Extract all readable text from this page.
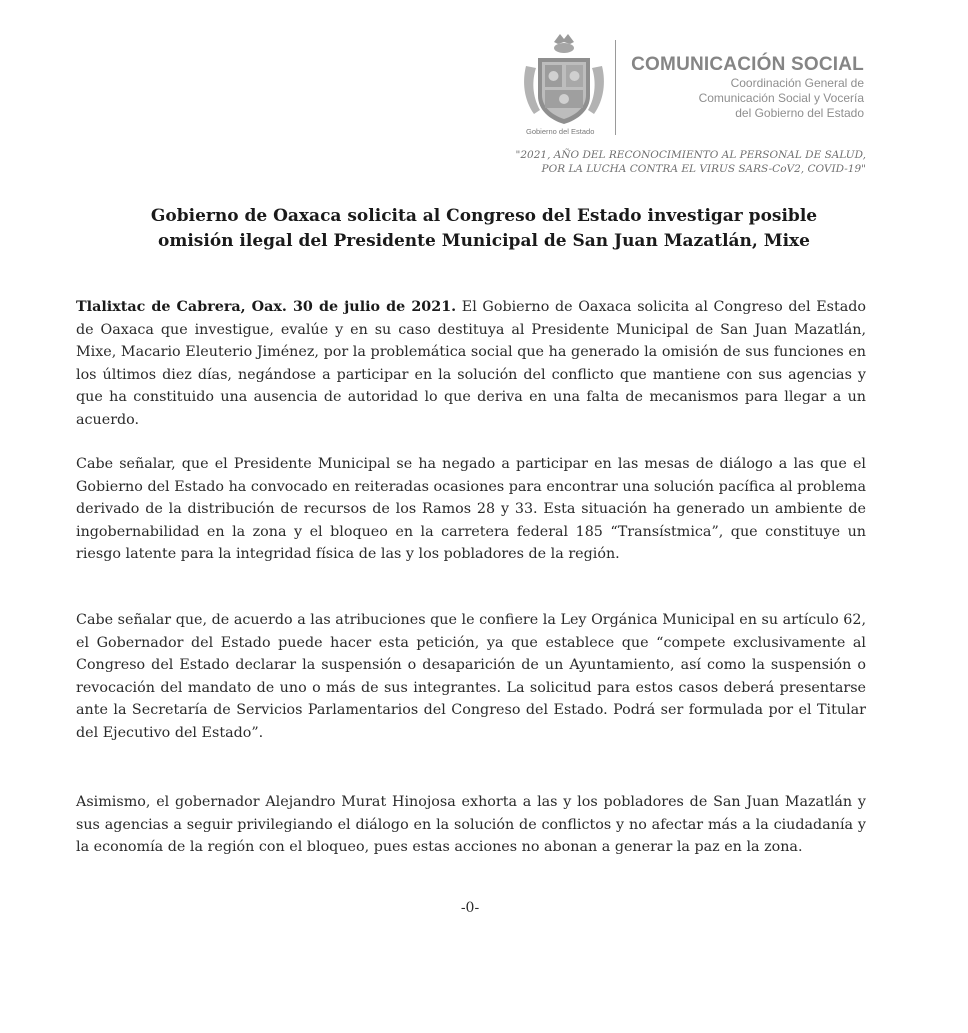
Gobierno del Estado
COMUNICACIÓN SOCIAL
Coordinación General de
Comunicación Social y Vocería
del Gobierno del Estado
"2021, AÑO DEL RECONOCIMIENTO AL PERSONAL DE SALUD,
POR LA LUCHA CONTRA EL VIRUS SARS-CoV2, COVID-19"
Gobierno de Oaxaca solicita al Congreso del Estado investigar posible
omisión ilegal del Presidente Municipal de San Juan Mazatlán, Mixe

Tlalixtac de Cabrera, Oax. 30 de julio de 2021. El Gobierno de Oaxaca solicita al Congreso del Estado de Oaxaca que investigue, evalúe y en su caso destituya al Presidente Municipal de San Juan Mazatlán, Mixe, Macario Eleuterio Jiménez, por la problemática social que ha generado la omisión de sus funciones en los últimos diez días, negándose a participar en la solución del conflicto que mantiene con sus agencias y que ha constituido una ausencia de autoridad lo que deriva en una falta de mecanismos para llegar a un acuerdo.

Cabe señalar, que el Presidente Municipal se ha negado a participar en las mesas de diálogo a las que el Gobierno del Estado ha convocado en reiteradas ocasiones para encontrar una solución pacífica al problema derivado de la distribución de recursos de los Ramos 28 y 33. Esta situación ha generado un ambiente de ingobernabilidad en la zona y el bloqueo en la carretera federal 185 “Transístmica”, que constituye un riesgo latente para la integridad física de las y los pobladores de la región.

Cabe señalar que, de acuerdo a las atribuciones que le confiere la Ley Orgánica Municipal en su artículo 62, el Gobernador del Estado puede hacer esta petición, ya que establece que “compete exclusivamente al Congreso del Estado declarar la suspensión o desaparición de un Ayuntamiento, así como la suspensión o revocación del mandato de uno o más de sus integrantes. La solicitud para estos casos deberá presentarse ante la Secretaría de Servicios Parlamentarios del Congreso del Estado. Podrá ser formulada por el Titular del Ejecutivo del Estado”.

Asimismo, el gobernador Alejandro Murat Hinojosa exhorta a las y los pobladores de San Juan Mazatlán y sus agencias a seguir privilegiando el diálogo en la solución de conflictos y no afectar más a la ciudadanía y la economía de la región con el bloqueo, pues estas acciones no abonan a generar la paz en la zona.

-0-
